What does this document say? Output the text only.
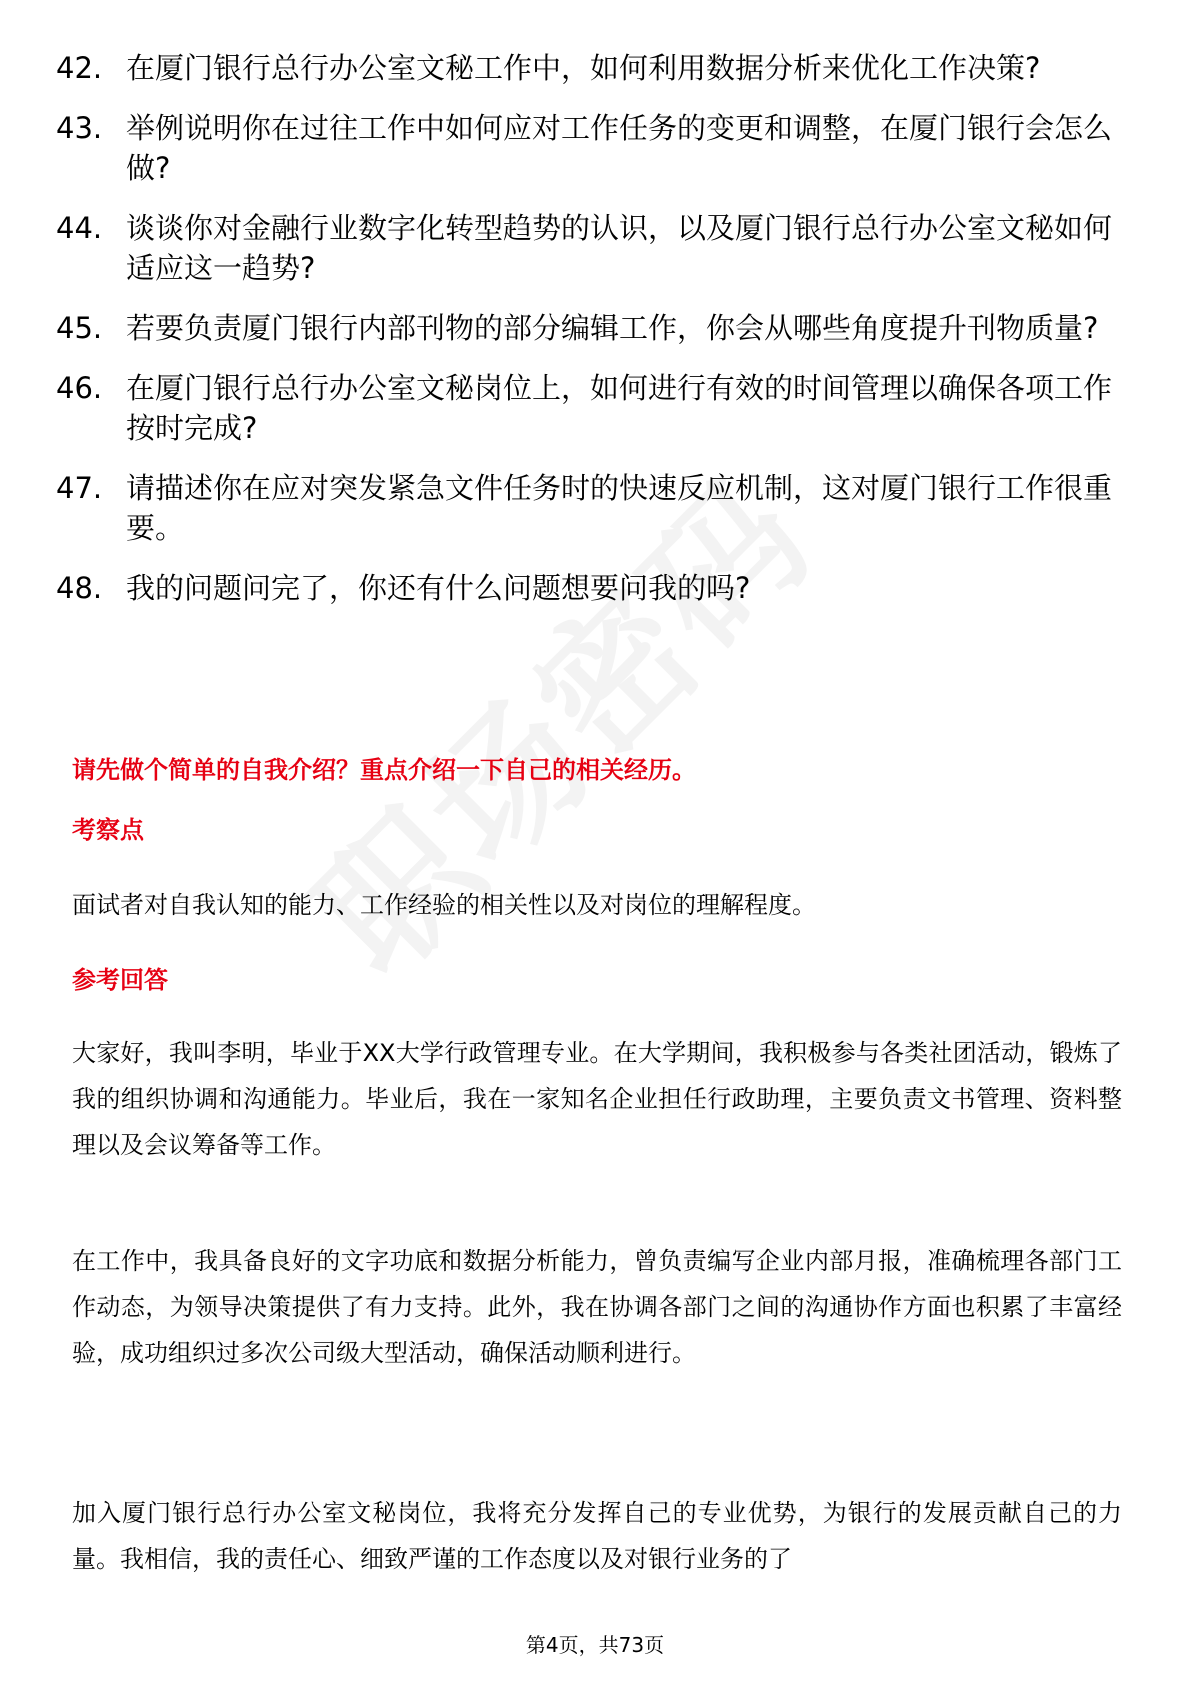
42. 在厦门银行总行办公室文秘工作中，如何利用数据分析来优化工作决策?
43. 举例说明你在过往工作中如何应对工作任务的变更和调整，在厦门银行会怎么做?
44. 谈谈你对金融行业数字化转型趋势的认识，以及厦门银行总行办公室文秘如何适应这一趋势?
45. 若要负责厦门银行内部刊物的部分编辑工作，你会从哪些角度提升刊物质量?
46. 在厦门银行总行办公室文秘岗位上，如何进行有效的时间管理以确保各项工作按时完成?
47. 请描述你在应对突发紧急文件任务时的快速反应机制，这对厦门银行工作很重要。
48. 我的问题问完了，你还有什么问题想要问我的吗?
请先做个简单的自我介绍？重点介绍一下自己的相关经历。
考察点

面试者对自我认知的能力、工作经验的相关性以及对岗位的理解程度。

参考回答

大家好，我叫李明，毕业于XX大学行政管理专业。在大学期间，我积极参与各类社团活动，锻炼了我的组织协调和沟通能力。毕业后，我在一家知名企业担任行政助理，主要负责文书管理、资料整理以及会议筹备等工作。

在工作中，我具备良好的文字功底和数据分析能力，曾负责编写企业内部月报，准确梳理各部门工作动态，为领导决策提供了有力支持。此外，我在协调各部门之间的沟通协作方面也积累了丰富经验，成功组织过多次公司级大型活动，确保活动顺利进行。

加入厦门银行总行办公室文秘岗位，我将充分发挥自己的专业优势，为银行的发展贡献自己的力量。我相信，我的责任心、细致严谨的工作态度以及对银行业务的了

第4页，共73页
